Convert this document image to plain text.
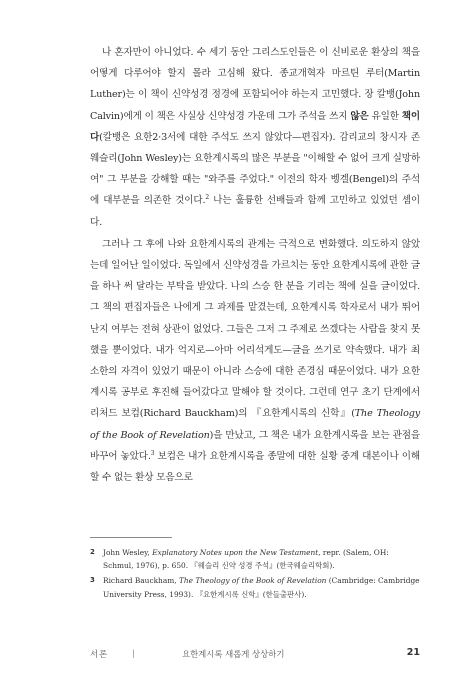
나 혼자만이 아니었다. 수 세기 동안 그리스도인들은 이 신비로운 환상의 책을 어떻게 다루어야 할지 몰라 고심해 왔다. 종교개혁자 마르틴 루터(Martin Luther)는 이 책이 신약성경 정경에 포함되어야 하는지 고민했다. 장 칼뱅(John Calvin)에게 이 책은 사실상 신약성경 가운데 그가 주석을 쓰지 않은 유일한 책이다(칼뱅은 요한2·3서에 대한 주석도 쓰지 않았다—편집자). 감리교의 창시자 존 웨슬리(John Wesley)는 요한계시록의 많은 부분을 "이해할 수 없어 크게 실망하여" 그 부분을 강해할 때는 "와주를 주었다." 이전의 학자 벵겔(Bengel)의 주석에 대부분을 의존한 것이다.$^2$ 나는 훌륭한 선배들과 함께 고민하고 있었던 셈이다.

그러나 그 후에 나와 요한계시록의 관계는 극적으로 변화했다. 의도하지 않았는데 일어난 일이었다. 독일에서 신약성경을 가르치는 동안 요한계시록에 관한 글을 하나 써 달라는 부탁을 받았다. 나의 스승 한 분을 기리는 책에 실을 글이었다. 그 책의 편집자들은 나에게 그 과제를 맡겼는데, 요한계시록 학자로서 내가 뛰어난지 여부는 전혀 상관이 없었다. 그들은 그저 그 주제로 쓰겠다는 사람을 찾지 못했을 뿐이었다. 내가 억지로—아마 어리석게도—글을 쓰기로 약속했다. 내가 최소한의 자격이 있었기 때문이 아니라 스승에 대한 존경심 때문이었다. 내가 요한계시록 공부로 후진해 들어갔다고 말해야 할 것이다. 그런데 연구 초기 단계에서 리처드 보컴(Richard Bauckham)의 『요한계시록의 신학』(The Theology of the Book of Revelation)을 만났고, 그 책은 내가 요한계시록을 보는 관점을 바꾸어 놓았다.$^3$ 보컴은 내가 요한계시록을 종말에 대한 실황 중계 대본이나 이해할 수 없는 환상 모음으로

2 John Wesley, Explanatory Notes upon the New Testament, repr. (Salem, OH: Schmul, 1976), p. 650. 『웨슬리 신약 성경 주석』(한국웨슬리학회).
3 Richard Bauckham, The Theology of the Book of Revelation (Cambridge: Cambridge University Press, 1993). 『요한계시록 신학』(한들출판사).
서론	|	요한계시록 새롭게 상상하기	21
